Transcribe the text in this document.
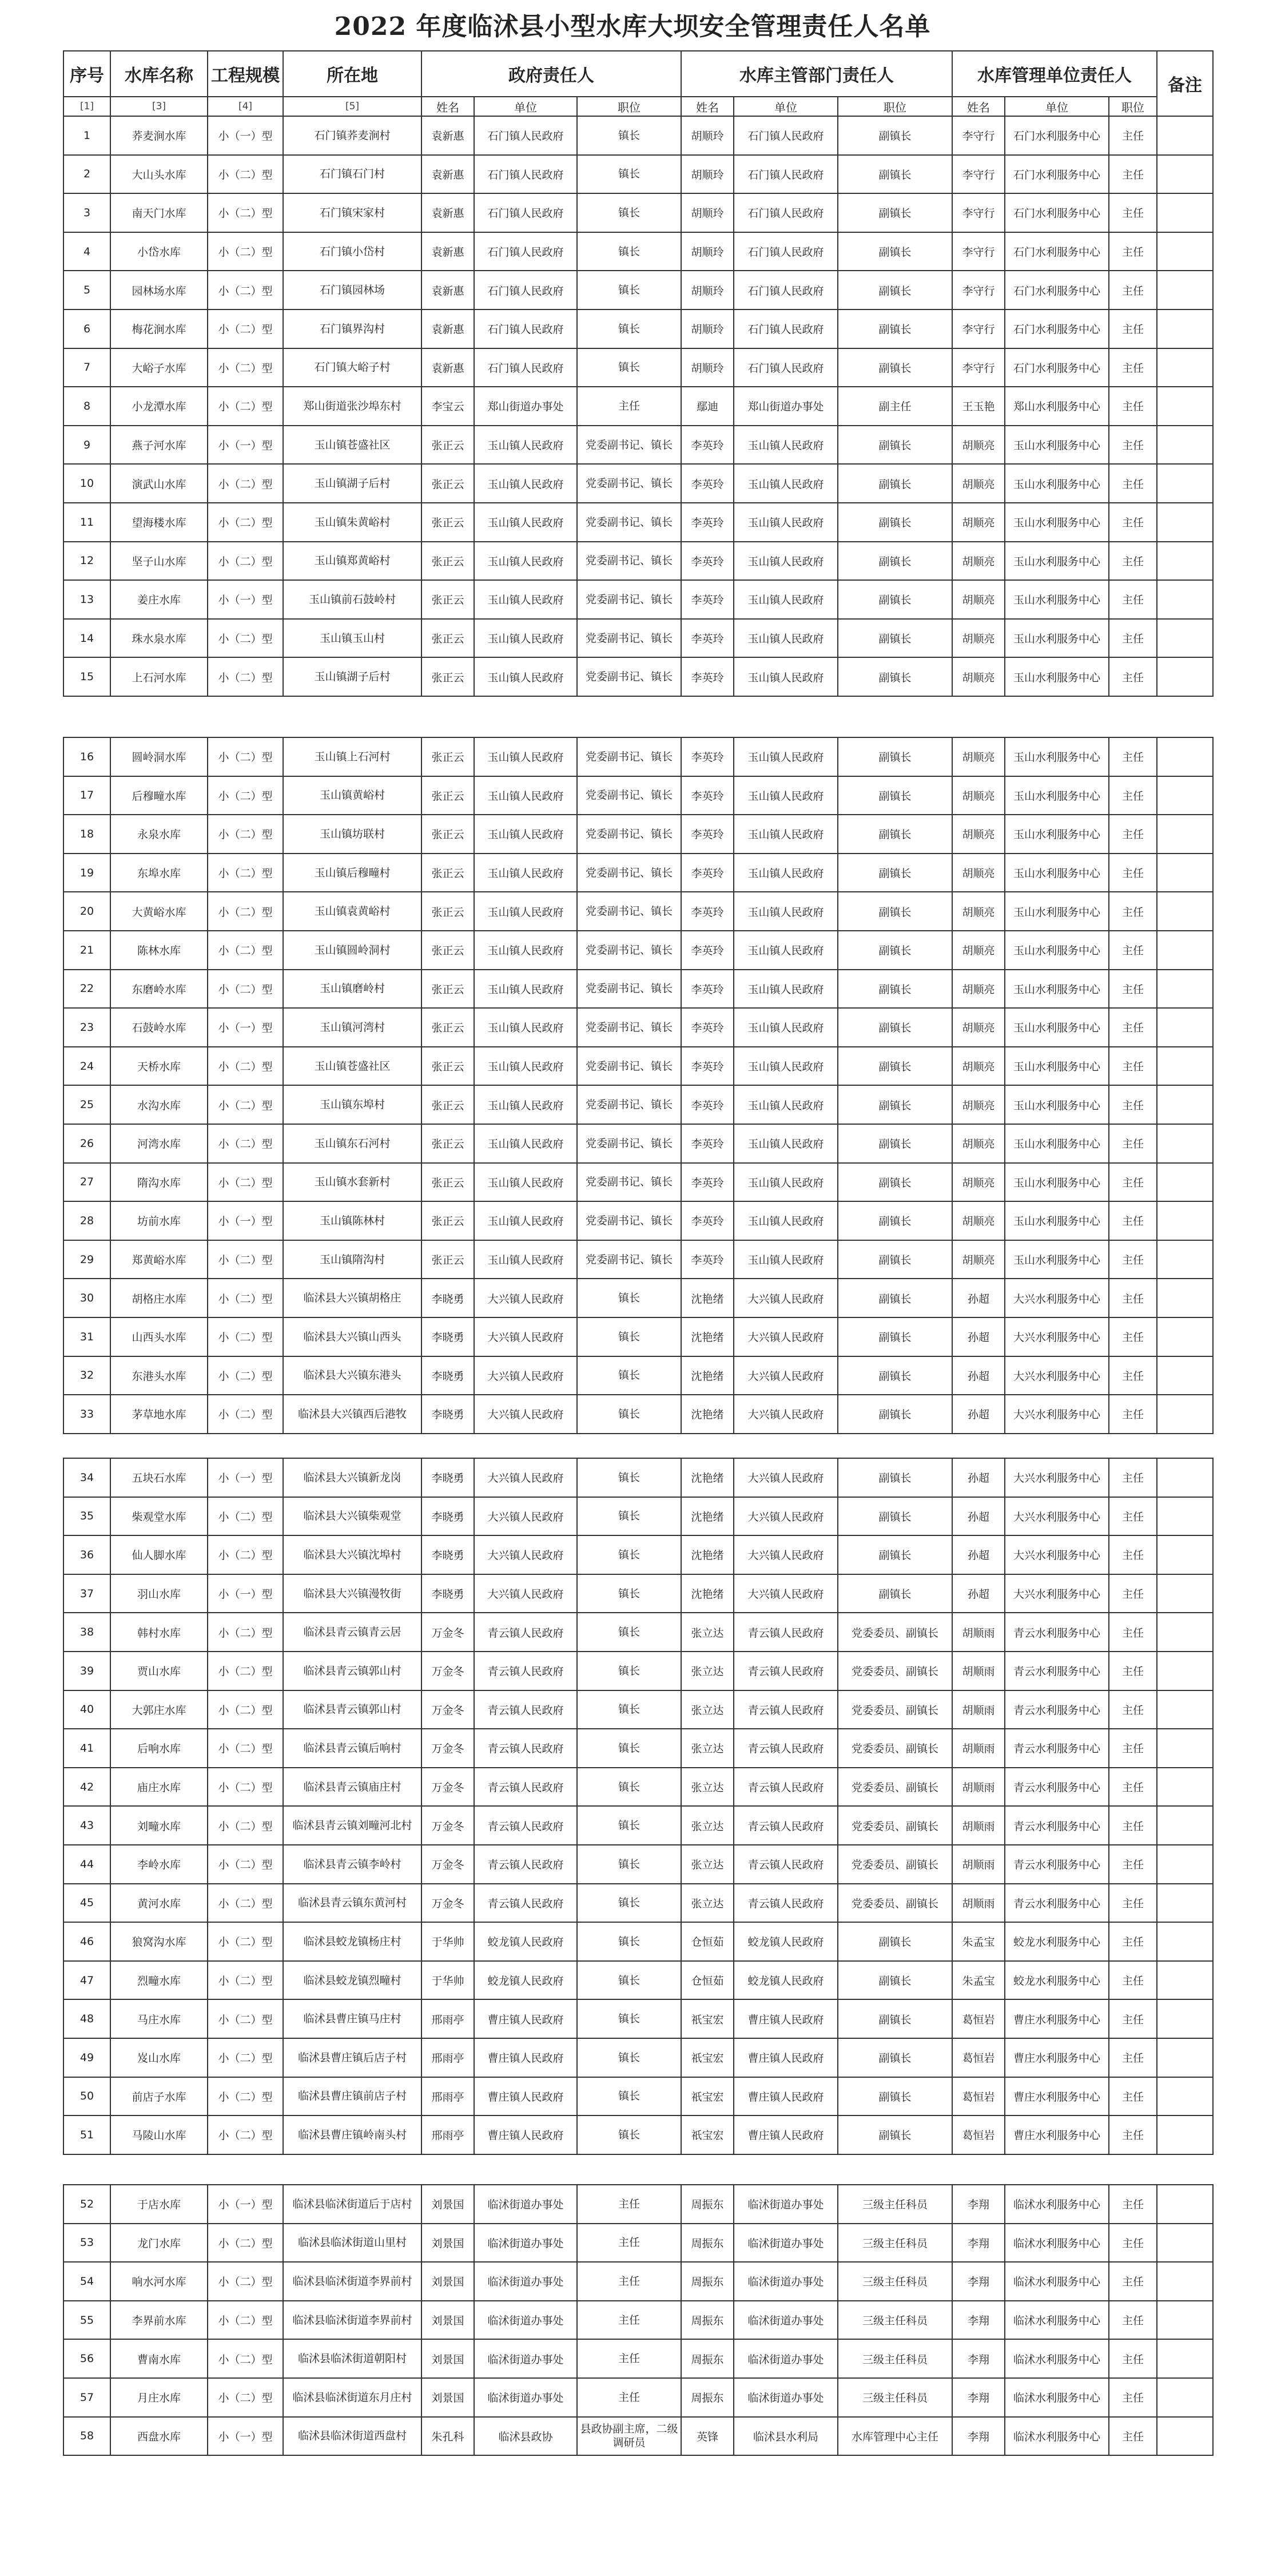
2022 年度临沭县小型水库大坝安全管理责任人名单
序号	水库名称	工程规模	所在地	政府责任人			水库主管部门责任人			水库管理单位责任人			备注

[1]	[3]	[4]	[5]	姓名	单位	职位	姓名	单位	职位	姓名	单位	职位	
1	荞麦涧水库	小（一）型	石门镇荞麦涧村	袁新惠	石门镇人民政府	镇长	胡顺玲	石门镇人民政府	副镇长	李守行	石门水利服务中心	主任	
2	大山头水库	小（二）型	石门镇石门村	袁新惠	石门镇人民政府	镇长	胡顺玲	石门镇人民政府	副镇长	李守行	石门水利服务中心	主任	
3	南天门水库	小（二）型	石门镇宋家村	袁新惠	石门镇人民政府	镇长	胡顺玲	石门镇人民政府	副镇长	李守行	石门水利服务中心	主任	
4	小岱水库	小（二）型	石门镇小岱村	袁新惠	石门镇人民政府	镇长	胡顺玲	石门镇人民政府	副镇长	李守行	石门水利服务中心	主任	
5	园林场水库	小（二）型	石门镇园林场	袁新惠	石门镇人民政府	镇长	胡顺玲	石门镇人民政府	副镇长	李守行	石门水利服务中心	主任	
6	梅花涧水库	小（二）型	石门镇界沟村	袁新惠	石门镇人民政府	镇长	胡顺玲	石门镇人民政府	副镇长	李守行	石门水利服务中心	主任	
7	大峪子水库	小（二）型	石门镇大峪子村	袁新惠	石门镇人民政府	镇长	胡顺玲	石门镇人民政府	副镇长	李守行	石门水利服务中心	主任	
8	小龙潭水库	小（二）型	郑山街道张沙埠东村	李宝云	郑山街道办事处	主任	鄢迪	郑山街道办事处	副主任	王玉艳	郑山水利服务中心	主任	
9	燕子河水库	小（一）型	玉山镇苍盛社区	张正云	玉山镇人民政府	党委副书记、镇长	李英玲	玉山镇人民政府	副镇长	胡顺亮	玉山水利服务中心	主任	
10	演武山水库	小（二）型	玉山镇湖子后村	张正云	玉山镇人民政府	党委副书记、镇长	李英玲	玉山镇人民政府	副镇长	胡顺亮	玉山水利服务中心	主任	
11	望海楼水库	小（二）型	玉山镇朱黄峪村	张正云	玉山镇人民政府	党委副书记、镇长	李英玲	玉山镇人民政府	副镇长	胡顺亮	玉山水利服务中心	主任	
12	坚子山水库	小（二）型	玉山镇郑黄峪村	张正云	玉山镇人民政府	党委副书记、镇长	李英玲	玉山镇人民政府	副镇长	胡顺亮	玉山水利服务中心	主任	
13	姜庄水库	小（一）型	玉山镇前石鼓岭村	张正云	玉山镇人民政府	党委副书记、镇长	李英玲	玉山镇人民政府	副镇长	胡顺亮	玉山水利服务中心	主任	
14	珠水泉水库	小（二）型	玉山镇玉山村	张正云	玉山镇人民政府	党委副书记、镇长	李英玲	玉山镇人民政府	副镇长	胡顺亮	玉山水利服务中心	主任	
15	上石河水库	小（二）型	玉山镇湖子后村	张正云	玉山镇人民政府	党委副书记、镇长	李英玲	玉山镇人民政府	副镇长	胡顺亮	玉山水利服务中心	主任	
16	圆岭洞水库	小（二）型	玉山镇上石河村	张正云	玉山镇人民政府	党委副书记、镇长	李英玲	玉山镇人民政府	副镇长	胡顺亮	玉山水利服务中心	主任	
17	后穆疃水库	小（二）型	玉山镇黄峪村	张正云	玉山镇人民政府	党委副书记、镇长	李英玲	玉山镇人民政府	副镇长	胡顺亮	玉山水利服务中心	主任	
18	永泉水库	小（二）型	玉山镇坊联村	张正云	玉山镇人民政府	党委副书记、镇长	李英玲	玉山镇人民政府	副镇长	胡顺亮	玉山水利服务中心	主任	
19	东埠水库	小（二）型	玉山镇后穆疃村	张正云	玉山镇人民政府	党委副书记、镇长	李英玲	玉山镇人民政府	副镇长	胡顺亮	玉山水利服务中心	主任	
20	大黄峪水库	小（二）型	玉山镇袁黄峪村	张正云	玉山镇人民政府	党委副书记、镇长	李英玲	玉山镇人民政府	副镇长	胡顺亮	玉山水利服务中心	主任	
21	陈林水库	小（二）型	玉山镇圆岭洞村	张正云	玉山镇人民政府	党委副书记、镇长	李英玲	玉山镇人民政府	副镇长	胡顺亮	玉山水利服务中心	主任	
22	东磨岭水库	小（二）型	玉山镇磨岭村	张正云	玉山镇人民政府	党委副书记、镇长	李英玲	玉山镇人民政府	副镇长	胡顺亮	玉山水利服务中心	主任	
23	石鼓岭水库	小（一）型	玉山镇河湾村	张正云	玉山镇人民政府	党委副书记、镇长	李英玲	玉山镇人民政府	副镇长	胡顺亮	玉山水利服务中心	主任	
24	天桥水库	小（二）型	玉山镇苍盛社区	张正云	玉山镇人民政府	党委副书记、镇长	李英玲	玉山镇人民政府	副镇长	胡顺亮	玉山水利服务中心	主任	
25	水沟水库	小（二）型	玉山镇东埠村	张正云	玉山镇人民政府	党委副书记、镇长	李英玲	玉山镇人民政府	副镇长	胡顺亮	玉山水利服务中心	主任	
26	河湾水库	小（二）型	玉山镇东石河村	张正云	玉山镇人民政府	党委副书记、镇长	李英玲	玉山镇人民政府	副镇长	胡顺亮	玉山水利服务中心	主任	
27	隋沟水库	小（二）型	玉山镇水套新村	张正云	玉山镇人民政府	党委副书记、镇长	李英玲	玉山镇人民政府	副镇长	胡顺亮	玉山水利服务中心	主任	
28	坊前水库	小（一）型	玉山镇陈林村	张正云	玉山镇人民政府	党委副书记、镇长	李英玲	玉山镇人民政府	副镇长	胡顺亮	玉山水利服务中心	主任	
29	郑黄峪水库	小（二）型	玉山镇隋沟村	张正云	玉山镇人民政府	党委副书记、镇长	李英玲	玉山镇人民政府	副镇长	胡顺亮	玉山水利服务中心	主任	
30	胡格庄水库	小（二）型	临沭县大兴镇胡格庄	李晓勇	大兴镇人民政府	镇长	沈艳绪	大兴镇人民政府	副镇长	孙超	大兴水利服务中心	主任	
31	山西头水库	小（二）型	临沭县大兴镇山西头	李晓勇	大兴镇人民政府	镇长	沈艳绪	大兴镇人民政府	副镇长	孙超	大兴水利服务中心	主任	
32	东港头水库	小（二）型	临沭县大兴镇东港头	李晓勇	大兴镇人民政府	镇长	沈艳绪	大兴镇人民政府	副镇长	孙超	大兴水利服务中心	主任	
33	茅草地水库	小（二）型	临沭县大兴镇西后港牧	李晓勇	大兴镇人民政府	镇长	沈艳绪	大兴镇人民政府	副镇长	孙超	大兴水利服务中心	主任	
34	五块石水库	小（一）型	临沭县大兴镇新龙岗	李晓勇	大兴镇人民政府	镇长	沈艳绪	大兴镇人民政府	副镇长	孙超	大兴水利服务中心	主任	
35	柴观堂水库	小（二）型	临沭县大兴镇柴观堂	李晓勇	大兴镇人民政府	镇长	沈艳绪	大兴镇人民政府	副镇长	孙超	大兴水利服务中心	主任	
36	仙人脚水库	小（二）型	临沭县大兴镇沈埠村	李晓勇	大兴镇人民政府	镇长	沈艳绪	大兴镇人民政府	副镇长	孙超	大兴水利服务中心	主任	
37	羽山水库	小（一）型	临沭县大兴镇漫牧街	李晓勇	大兴镇人民政府	镇长	沈艳绪	大兴镇人民政府	副镇长	孙超	大兴水利服务中心	主任	
38	韩村水库	小（二）型	临沭县青云镇青云居	万金冬	青云镇人民政府	镇长	张立达	青云镇人民政府	党委委员、副镇长	胡顺雨	青云水利服务中心	主任	
39	贾山水库	小（二）型	临沭县青云镇郭山村	万金冬	青云镇人民政府	镇长	张立达	青云镇人民政府	党委委员、副镇长	胡顺雨	青云水利服务中心	主任	
40	大郭庄水库	小（二）型	临沭县青云镇郭山村	万金冬	青云镇人民政府	镇长	张立达	青云镇人民政府	党委委员、副镇长	胡顺雨	青云水利服务中心	主任	
41	后响水库	小（二）型	临沭县青云镇后响村	万金冬	青云镇人民政府	镇长	张立达	青云镇人民政府	党委委员、副镇长	胡顺雨	青云水利服务中心	主任	
42	庙庄水库	小（二）型	临沭县青云镇庙庄村	万金冬	青云镇人民政府	镇长	张立达	青云镇人民政府	党委委员、副镇长	胡顺雨	青云水利服务中心	主任	
43	刘疃水库	小（二）型	临沭县青云镇刘疃河北村	万金冬	青云镇人民政府	镇长	张立达	青云镇人民政府	党委委员、副镇长	胡顺雨	青云水利服务中心	主任	
44	李岭水库	小（二）型	临沭县青云镇李岭村	万金冬	青云镇人民政府	镇长	张立达	青云镇人民政府	党委委员、副镇长	胡顺雨	青云水利服务中心	主任	
45	黄河水库	小（二）型	临沭县青云镇东黄河村	万金冬	青云镇人民政府	镇长	张立达	青云镇人民政府	党委委员、副镇长	胡顺雨	青云水利服务中心	主任	
46	狼窝沟水库	小（二）型	临沭县蛟龙镇杨庄村	于华帅	蛟龙镇人民政府	镇长	仓恒茹	蛟龙镇人民政府	副镇长	朱孟宝	蛟龙水利服务中心	主任	
47	烈疃水库	小（二）型	临沭县蛟龙镇烈疃村	于华帅	蛟龙镇人民政府	镇长	仓恒茹	蛟龙镇人民政府	副镇长	朱孟宝	蛟龙水利服务中心	主任	
48	马庄水库	小（二）型	临沭县曹庄镇马庄村	邢雨亭	曹庄镇人民政府	镇长	祇宝宏	曹庄镇人民政府	副镇长	葛恒岩	曹庄水利服务中心	主任	
49	岌山水库	小（二）型	临沭县曹庄镇后店子村	邢雨亭	曹庄镇人民政府	镇长	祇宝宏	曹庄镇人民政府	副镇长	葛恒岩	曹庄水利服务中心	主任	
50	前店子水库	小（二）型	临沭县曹庄镇前店子村	邢雨亭	曹庄镇人民政府	镇长	祇宝宏	曹庄镇人民政府	副镇长	葛恒岩	曹庄水利服务中心	主任	
51	马陵山水库	小（二）型	临沭县曹庄镇岭南头村	邢雨亭	曹庄镇人民政府	镇长	祇宝宏	曹庄镇人民政府	副镇长	葛恒岩	曹庄水利服务中心	主任	
52	于店水库	小（一）型	临沭县临沭街道后于店村	刘景国	临沭街道办事处	主任	周振东	临沭街道办事处	三级主任科员	李翔	临沭水利服务中心	主任	
53	龙门水库	小（二）型	临沭县临沭街道山里村	刘景国	临沭街道办事处	主任	周振东	临沭街道办事处	三级主任科员	李翔	临沭水利服务中心	主任	
54	响水河水库	小（二）型	临沭县临沭街道李界前村	刘景国	临沭街道办事处	主任	周振东	临沭街道办事处	三级主任科员	李翔	临沭水利服务中心	主任	
55	李界前水库	小（二）型	临沭县临沭街道李界前村	刘景国	临沭街道办事处	主任	周振东	临沭街道办事处	三级主任科员	李翔	临沭水利服务中心	主任	
56	曹南水库	小（二）型	临沭县临沭街道朝阳村	刘景国	临沭街道办事处	主任	周振东	临沭街道办事处	三级主任科员	李翔	临沭水利服务中心	主任	
57	月庄水库	小（二）型	临沭县临沭街道东月庄村	刘景国	临沭街道办事处	主任	周振东	临沭街道办事处	三级主任科员	李翔	临沭水利服务中心	主任	
58	西盘水库	小（一）型	临沭县临沭街道西盘村	朱孔科	临沭县政协	县政协副主席，二级调研员	英锋	临沭县水利局	水库管理中心主任	李翔	临沭水利服务中心	主任	
